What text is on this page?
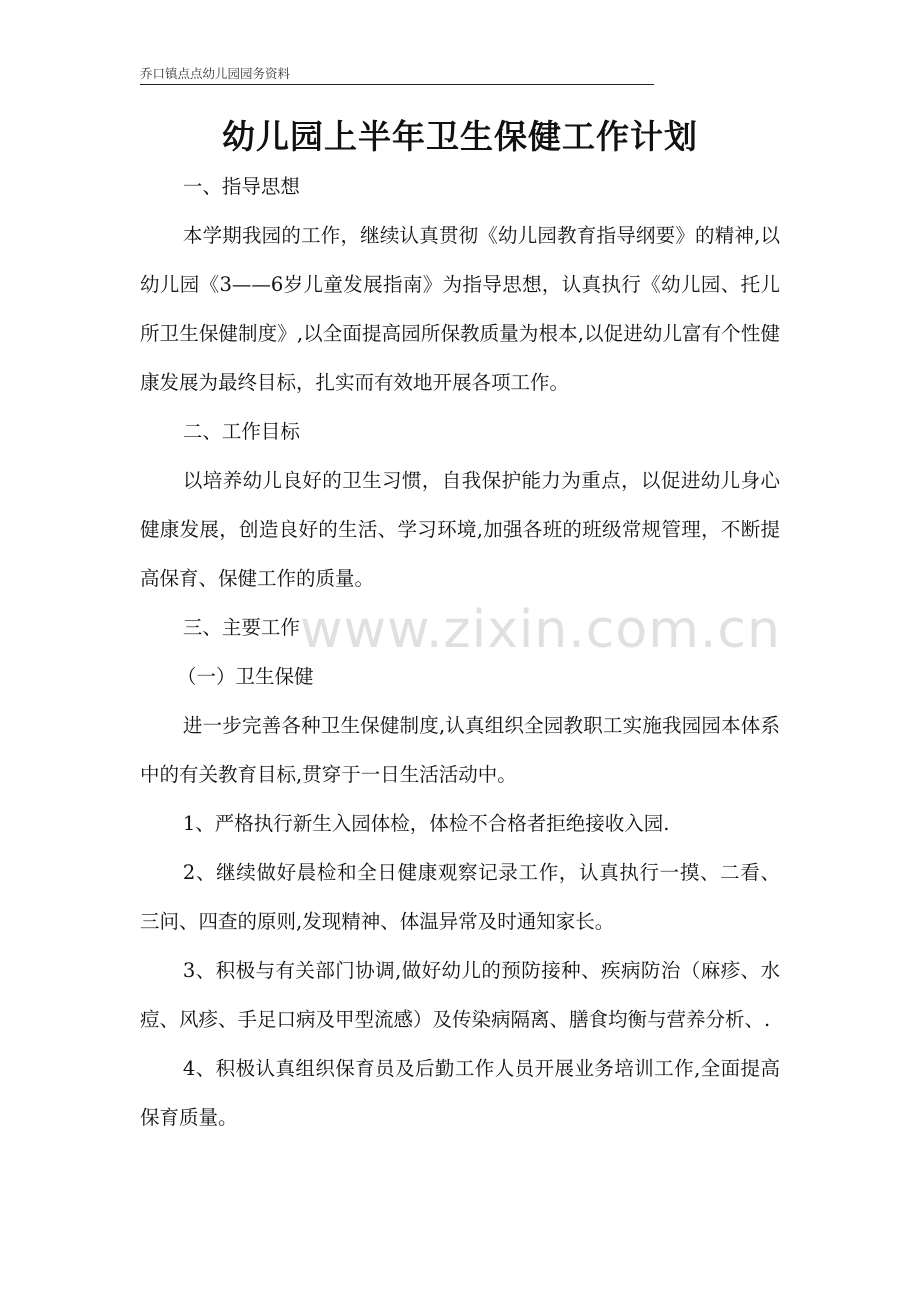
乔口镇点点幼儿园园务资料
幼儿园上半年卫生保健工作计划

一、指导思想

本学期我园的工作，继续认真贯彻《幼儿园教育指导纲要》的精神,以幼儿园《3——6岁儿童发展指南》为指导思想，认真执行《幼儿园、托儿所卫生保健制度》,以全面提高园所保教质量为根本,以促进幼儿富有个性健康发展为最终目标，扎实而有效地开展各项工作。

二、工作目标

以培养幼儿良好的卫生习惯，自我保护能力为重点，以促进幼儿身心健康发展，创造良好的生活、学习环境,加强各班的班级常规管理，不断提高保育、保健工作的质量。

三、主要工作

（一）卫生保健

进一步完善各种卫生保健制度,认真组织全园教职工实施我园园本体系中的有关教育目标,贯穿于一日生活活动中。

1、严格执行新生入园体检，体检不合格者拒绝接收入园.

2、继续做好晨检和全日健康观察记录工作，认真执行一摸、二看、三问、四查的原则,发现精神、体温异常及时通知家长。

3、积极与有关部门协调,做好幼儿的预防接种、疾病防治（麻疹、水痘、风疹、手足口病及甲型流感）及传染病隔离、膳食均衡与营养分析、.

4、积极认真组织保育员及后勤工作人员开展业务培训工作,全面提高保育质量。

www.zixin.com.cn
